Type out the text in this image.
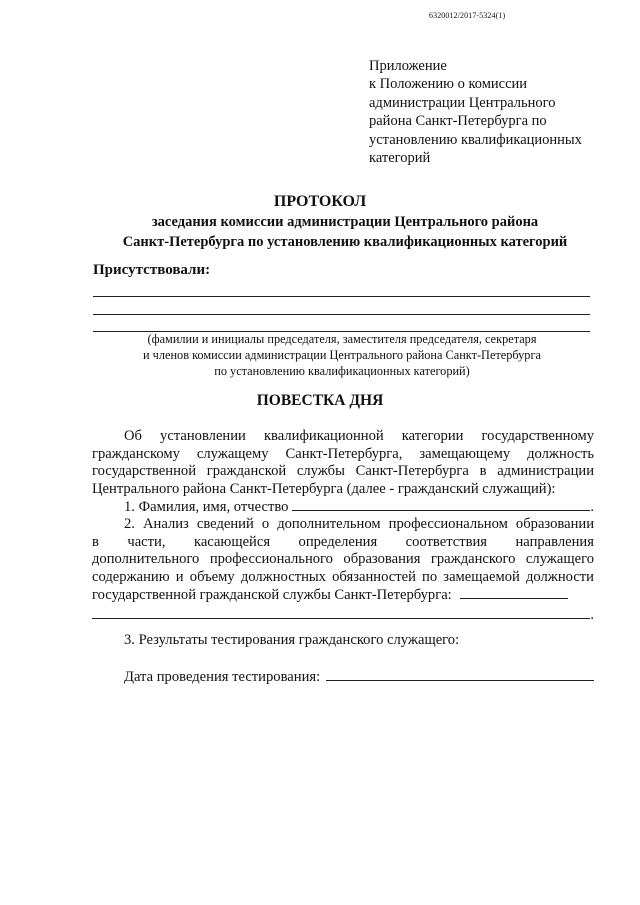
6320012/2017-5324(1)
Приложение
к Положению о комиссии
администрации Центрального
района Санкт-Петербурга по
установлению квалификационных
категорий
ПРОТОКОЛ
заседания комиссии администрации Центрального района
Санкт-Петербурга по установлению квалификационных категорий
Присутствовали:
(фамилии и инициалы председателя, заместителя председателя, секретаря
и членов комиссии администрации Центрального района Санкт-Петербурга
по установлению квалификационных категорий)
ПОВЕСТКА ДНЯ
Об установлении квалификационной категории государственному
гражданскому служащему Санкт-Петербурга, замещающему должность
государственной гражданской службы Санкт-Петербурга в администрации
Центрального района Санкт-Петербурга (далее - гражданский служащий):
1. Фамилия, имя, отчество	.
2. Анализ сведений о дополнительном профессиональном образовании
в части, касающейся определения соответствия направления
дополнительного профессионального образования гражданского служащего
содержанию и объему должностных обязанностей по замещаемой должности
государственной гражданской службы Санкт-Петербурга:
.
3. Результаты тестирования гражданского служащего:
Дата проведения тестирования:
